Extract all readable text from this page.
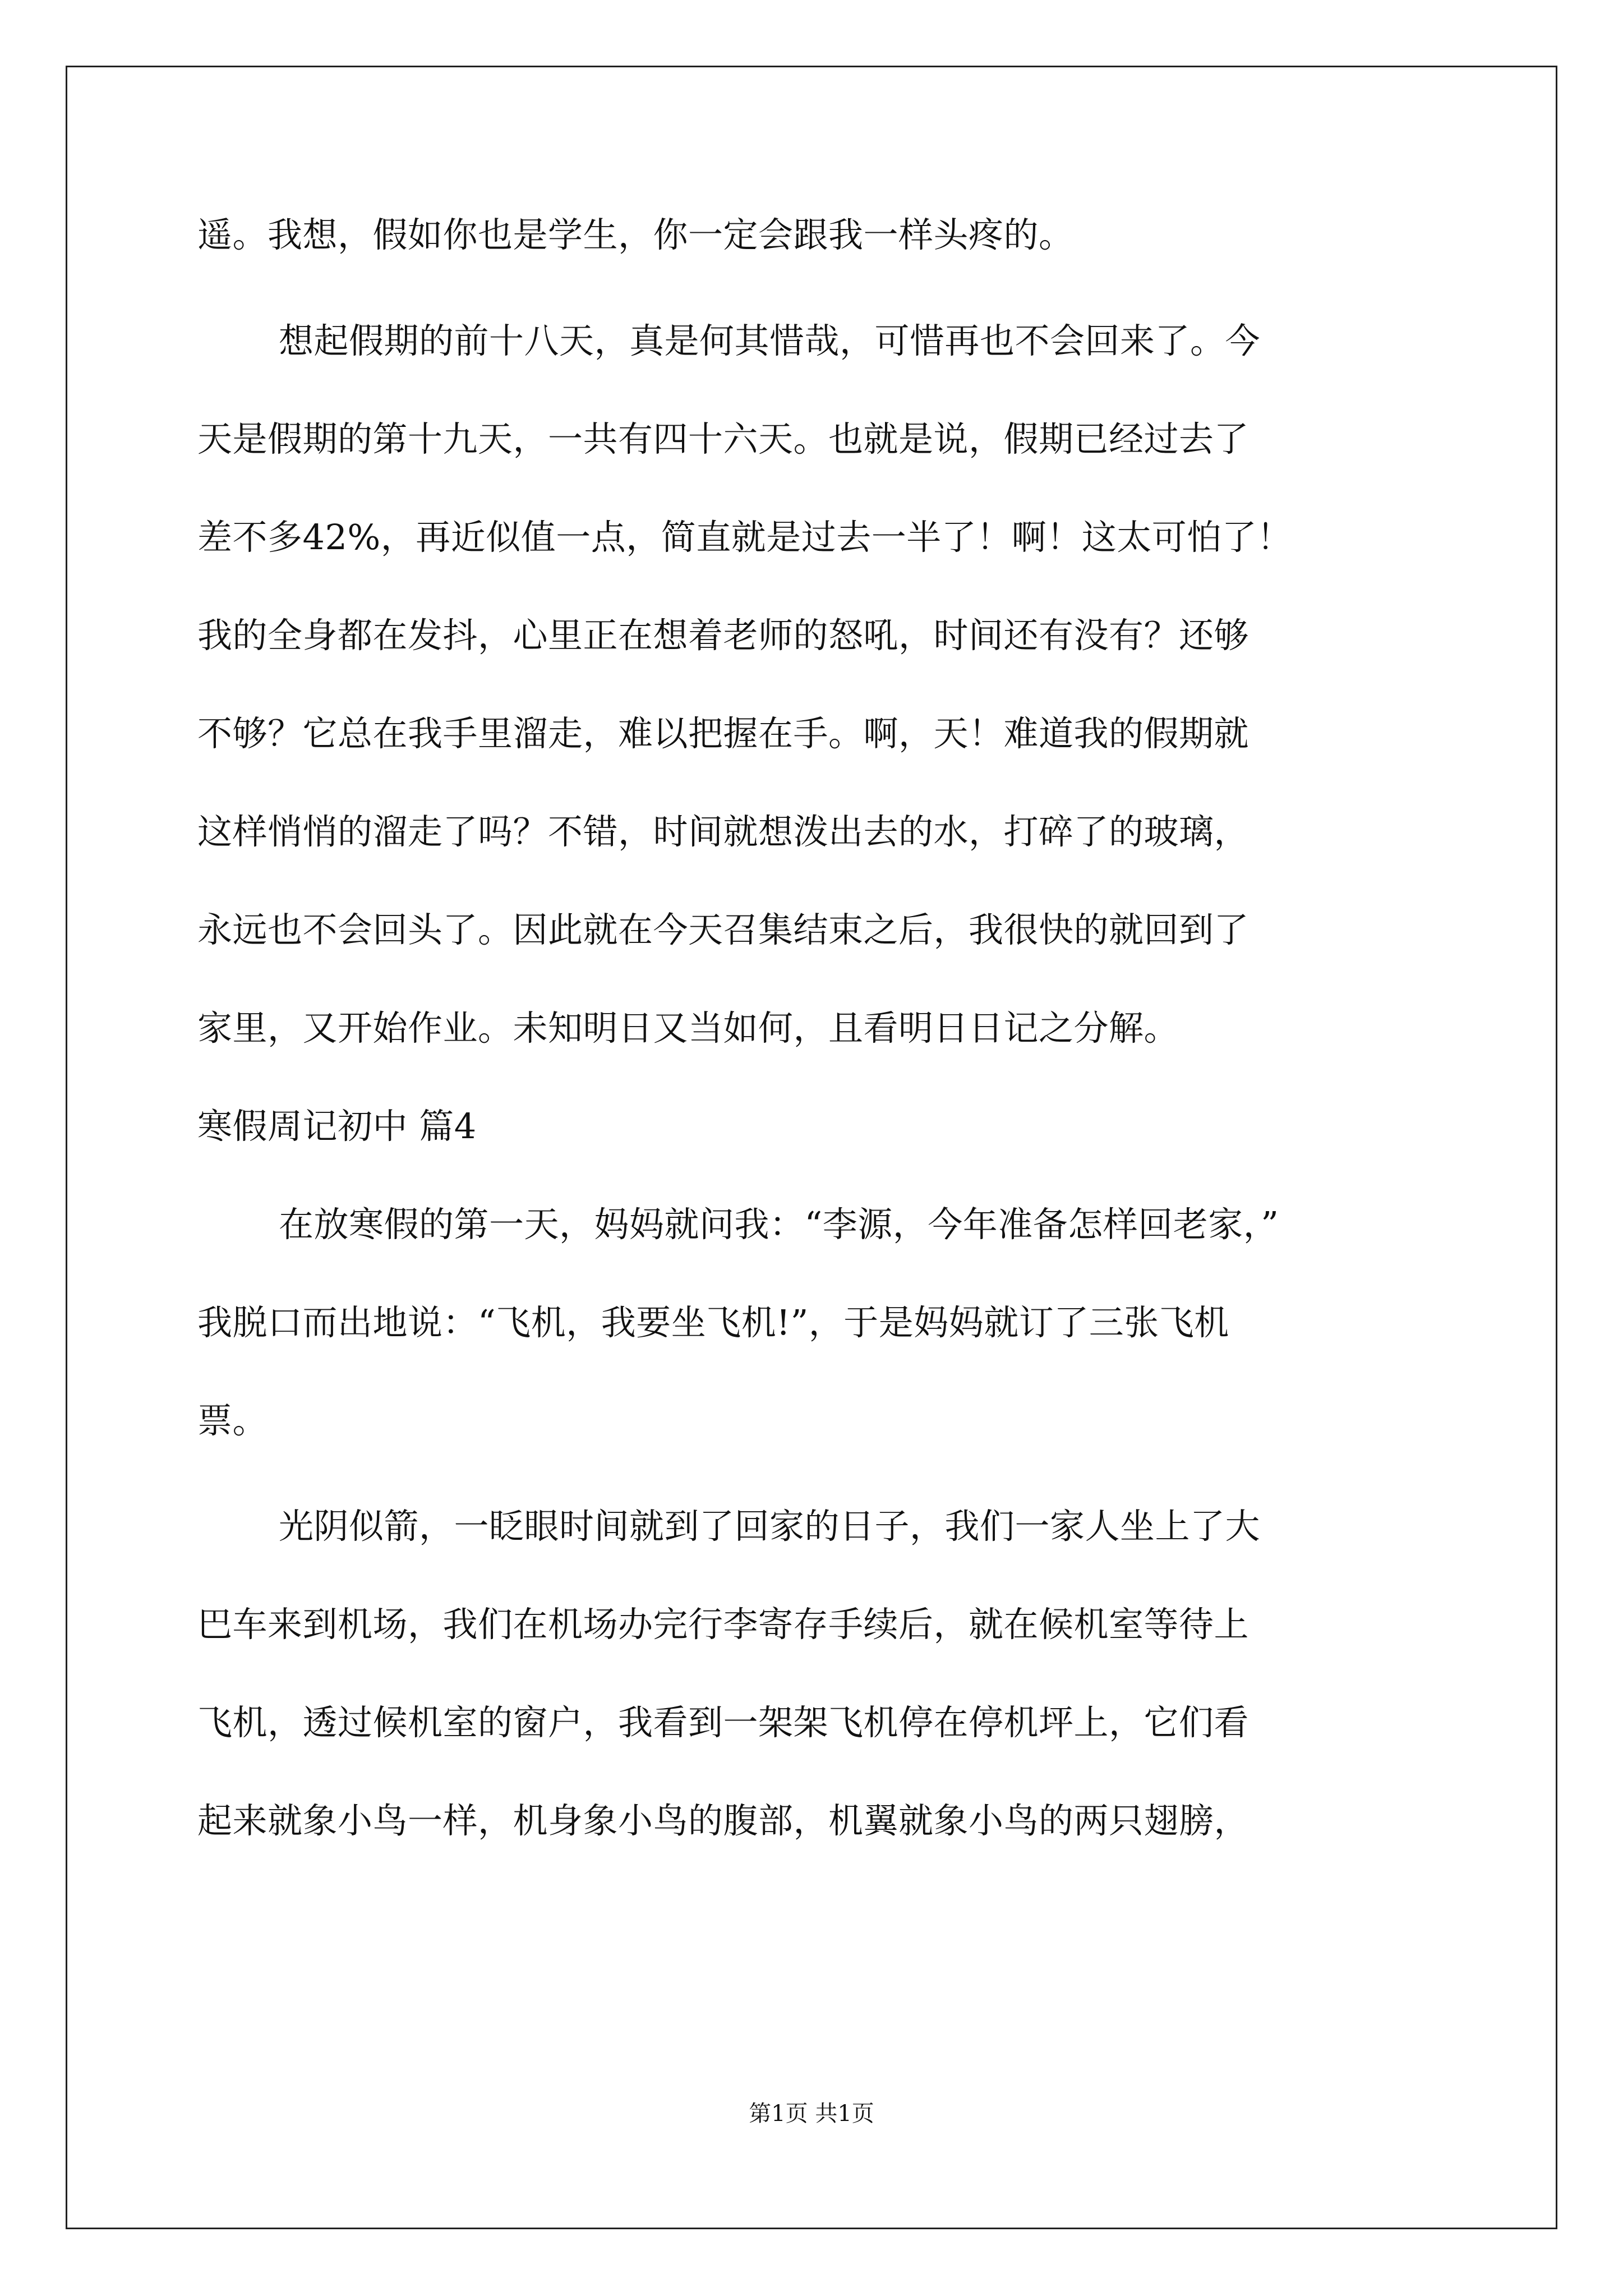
遥。我想，假如你也是学生，你一定会跟我一样头疼的。
想起假期的前十八天，真是何其惜哉，可惜再也不会回来了。今
天是假期的第十九天，一共有四十六天。也就是说，假期已经过去了
差不多42%，再近似值一点，简直就是过去一半了！啊！这太可怕了！
我的全身都在发抖，心里正在想着老师的怒吼，时间还有没有？还够
不够？它总在我手里溜走，难以把握在手。啊，天！难道我的假期就
这样悄悄的溜走了吗？不错，时间就想泼出去的水，打碎了的玻璃，
永远也不会回头了。因此就在今天召集结束之后，我很快的就回到了
家里，又开始作业。未知明日又当如何，且看明日日记之分解。
寒假周记初中 篇4
在放寒假的第一天，妈妈就问我：“李源，今年准备怎样回老家，”
我脱口而出地说：“飞机，我要坐飞机!”，于是妈妈就订了三张飞机
票。
光阴似箭，一眨眼时间就到了回家的日子，我们一家人坐上了大
巴车来到机场，我们在机场办完行李寄存手续后，就在候机室等待上
飞机，透过候机室的窗户，我看到一架架飞机停在停机坪上，它们看
起来就象小鸟一样，机身象小鸟的腹部，机翼就象小鸟的两只翅膀，
第1页 共1页
